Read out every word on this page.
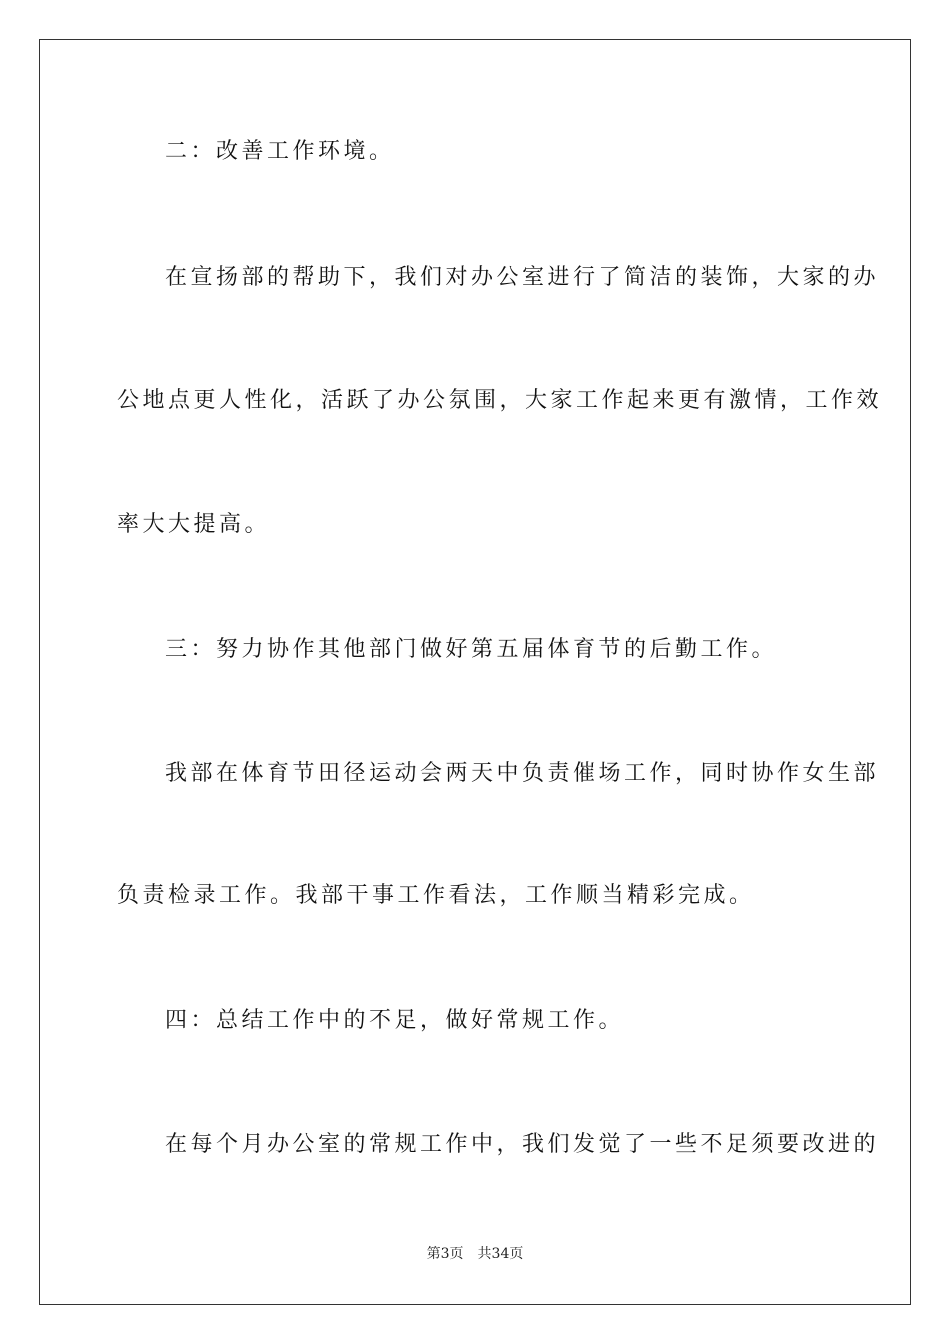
二：改善工作环境。
在宣扬部的帮助下，我们对办公室进行了简洁的装饰，大家的办
公地点更人性化，活跃了办公氛围，大家工作起来更有激情，工作效
率大大提高。
三：努力协作其他部门做好第五届体育节的后勤工作。
我部在体育节田径运动会两天中负责催场工作，同时协作女生部
负责检录工作。我部干事工作看法，工作顺当精彩完成。
四：总结工作中的不足，做好常规工作。
在每个月办公室的常规工作中，我们发觉了一些不足须要改进的
第3页 共34页
